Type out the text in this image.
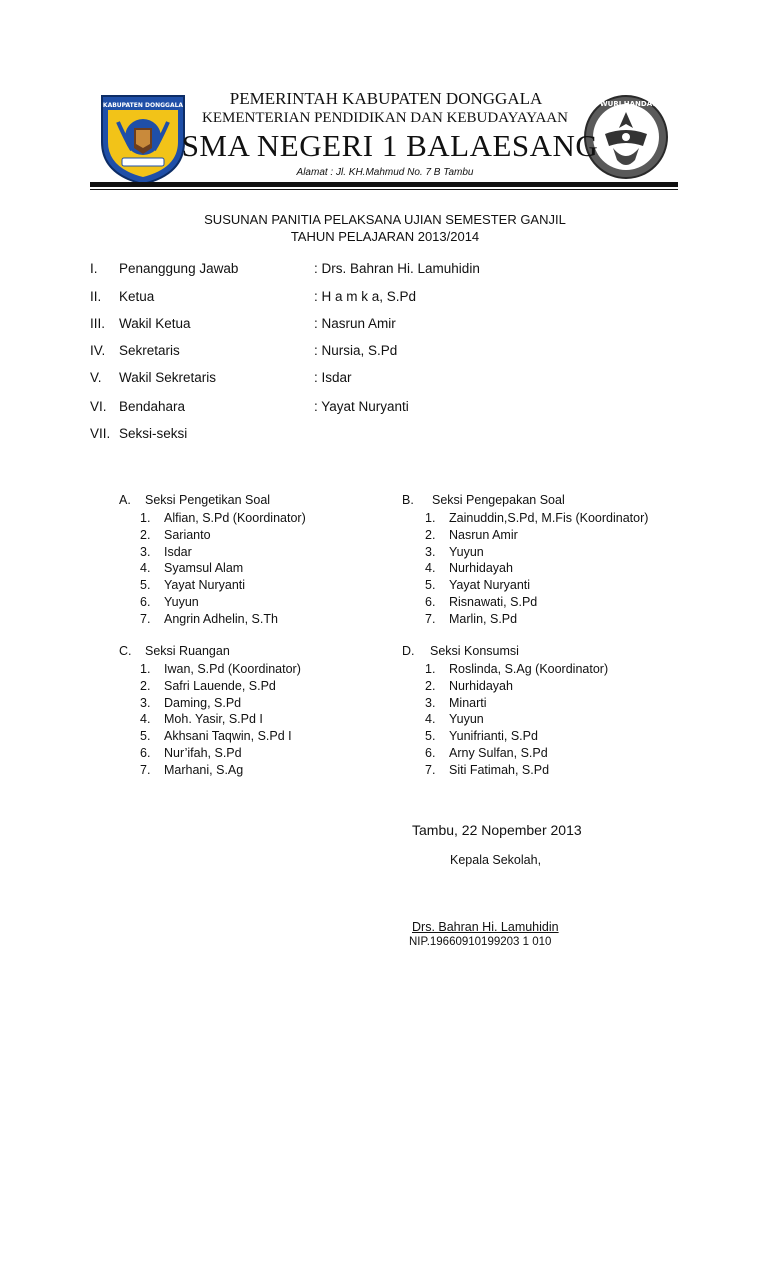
KABUPATEN DONGGALA	TUT WURI HANDAYANI
PEMERINTAH KABUPATEN DONGGALA
KEMENTERIAN PENDIDIKAN DAN KEBUDAYAYAAN
SMA NEGERI 1 BALAESANG
Alamat : Jl. KH.Mahmud No. 7 B Tambu
SUSUNAN PANITIA PELAKSANA UJIAN SEMESTER GANJIL
TAHUN PELAJARAN 2013/2014
I. Penanggung Jawab	: Drs. Bahran Hi. Lamuhidin
II. Ketua	: H a m k a, S.Pd
III. Wakil Ketua	: Nasrun Amir
IV. Sekretaris	: Nursia, S.Pd
V. Wakil Sekretaris	: Isdar
VI. Bendahara	: Yayat Nuryanti
VII. Seksi-seksi
A. Seksi Pengetikan Soal
1. Alfian, S.Pd (Koordinator)
2. Sarianto
3. Isdar
4. Syamsul Alam
5. Yayat Nuryanti
6. Yuyun
7. Angrin Adhelin, S.Th
B. Seksi Pengepakan Soal
1. Zainuddin,S.Pd, M.Fis (Koordinator)
2. Nasrun Amir
3. Yuyun
4. Nurhidayah
5. Yayat Nuryanti
6. Risnawati, S.Pd
7. Marlin, S.Pd
C. Seksi Ruangan
1. Iwan, S.Pd (Koordinator)
2. Safri Lauende, S.Pd
3. Daming, S.Pd
4. Moh. Yasir, S.Pd I
5. Akhsani Taqwin, S.Pd I
6. Nur’ifah, S.Pd
7. Marhani, S.Ag
D. Seksi Konsumsi
1. Roslinda, S.Ag (Koordinator)
2. Nurhidayah
3. Minarti
4. Yuyun
5. Yunifrianti, S.Pd
6. Arny Sulfan, S.Pd
7. Siti Fatimah, S.Pd
Tambu, 22 Nopember 2013
Kepala Sekolah,
Drs. Bahran Hi. Lamuhidin
NIP.19660910199203 1 010
